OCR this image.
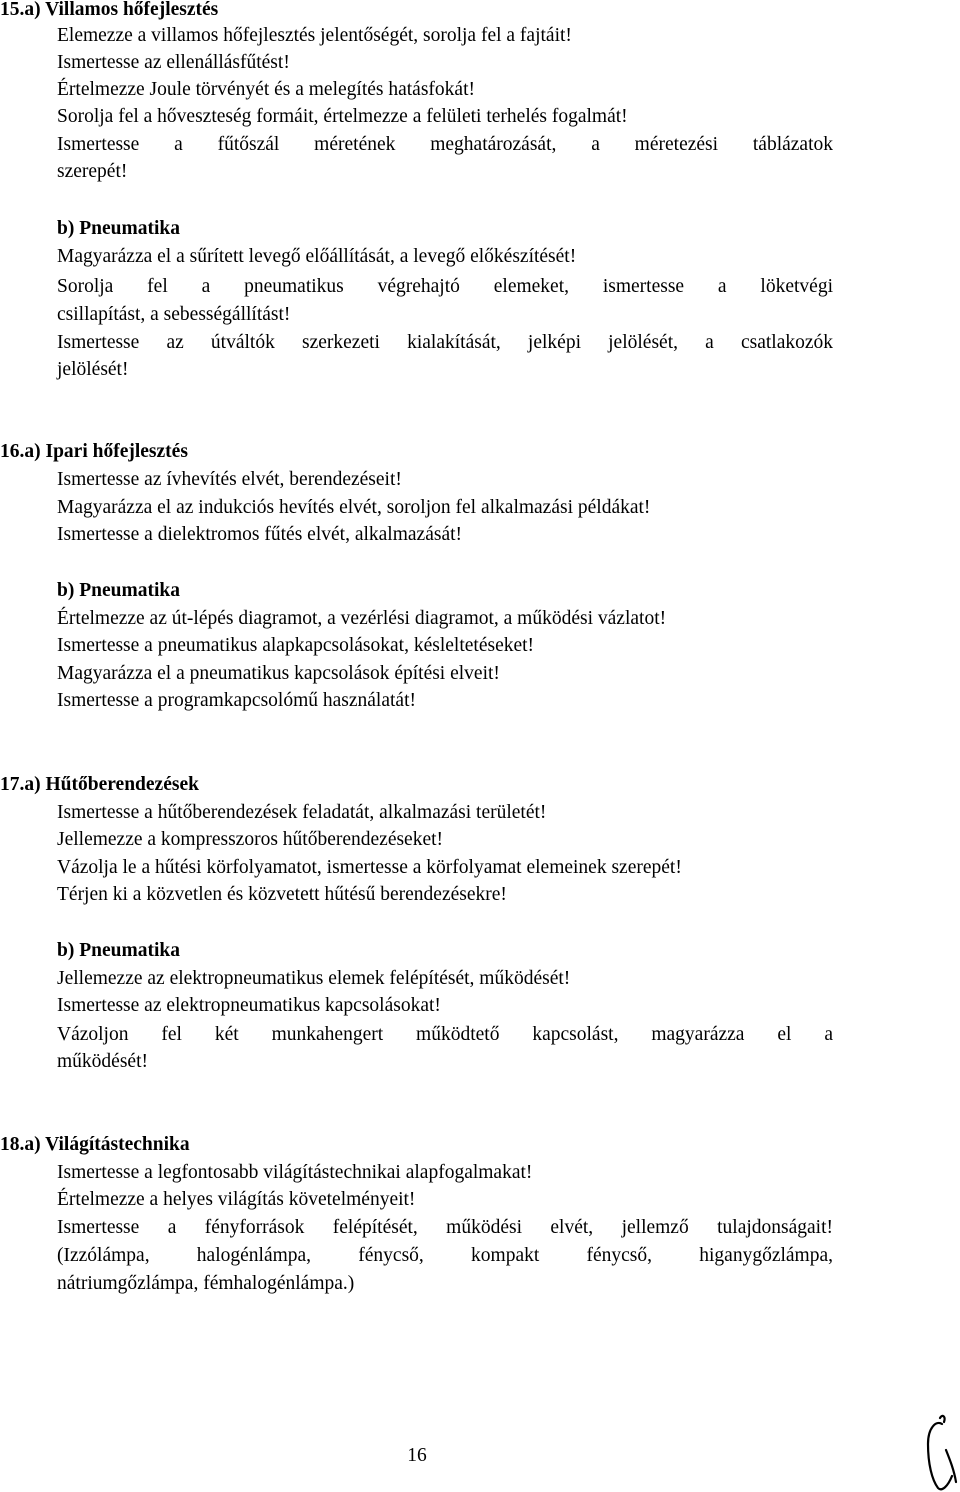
15.a) Villamos hőfejlesztés
Elemezze a villamos hőfejlesztés jelentőségét, sorolja fel a fajtáit!
Ismertesse az ellenállásfűtést!
Értelmezze Joule törvényét és a melegítés hatásfokát!
Sorolja fel a hőveszteség formáit, értelmezze a felületi terhelés fogalmát!
Ismertesse a fűtőszál méretének meghatározását, a méretezési táblázatok
szerepét!
b) Pneumatika
Magyarázza el a sűrített levegő előállítását, a levegő előkészítését!
Sorolja fel a pneumatikus végrehajtó elemeket, ismertesse a löketvégi
csillapítást, a sebességállítást!
Ismertesse az útváltók szerkezeti kialakítását, jelképi jelölését, a csatlakozók
jelölését!
16.a) Ipari hőfejlesztés
Ismertesse az ívhevítés elvét, berendezéseit!
Magyarázza el az indukciós hevítés elvét, soroljon fel alkalmazási példákat!
Ismertesse a dielektromos fűtés elvét, alkalmazását!
b) Pneumatika
Értelmezze az út-lépés diagramot, a vezérlési diagramot, a működési vázlatot!
Ismertesse a pneumatikus alapkapcsolásokat, késleltetéseket!
Magyarázza el a pneumatikus kapcsolások építési elveit!
Ismertesse a programkapcsolómű használatát!
17.a) Hűtőberendezések
Ismertesse a hűtőberendezések feladatát, alkalmazási területét!
Jellemezze a kompresszoros hűtőberendezéseket!
Vázolja le a hűtési körfolyamatot, ismertesse a körfolyamat elemeinek szerepét!
Térjen ki a közvetlen és közvetett hűtésű berendezésekre!
b) Pneumatika
Jellemezze az elektropneumatikus elemek felépítését, működését!
Ismertesse az elektropneumatikus kapcsolásokat!
Vázoljon fel két munkahengert működtető kapcsolást, magyarázza el a
működését!
18.a) Világítástechnika
Ismertesse a legfontosabb világítástechnikai alapfogalmakat!
Értelmezze a helyes világítás követelményeit!
Ismertesse a fényforrások felépítését, működési elvét, jellemző tulajdonságait!
(Izzólámpa, halogénlámpa, fénycső, kompakt fénycső, higanygőzlámpa,
nátriumgőzlámpa, fémhalogénlámpa.)
16
